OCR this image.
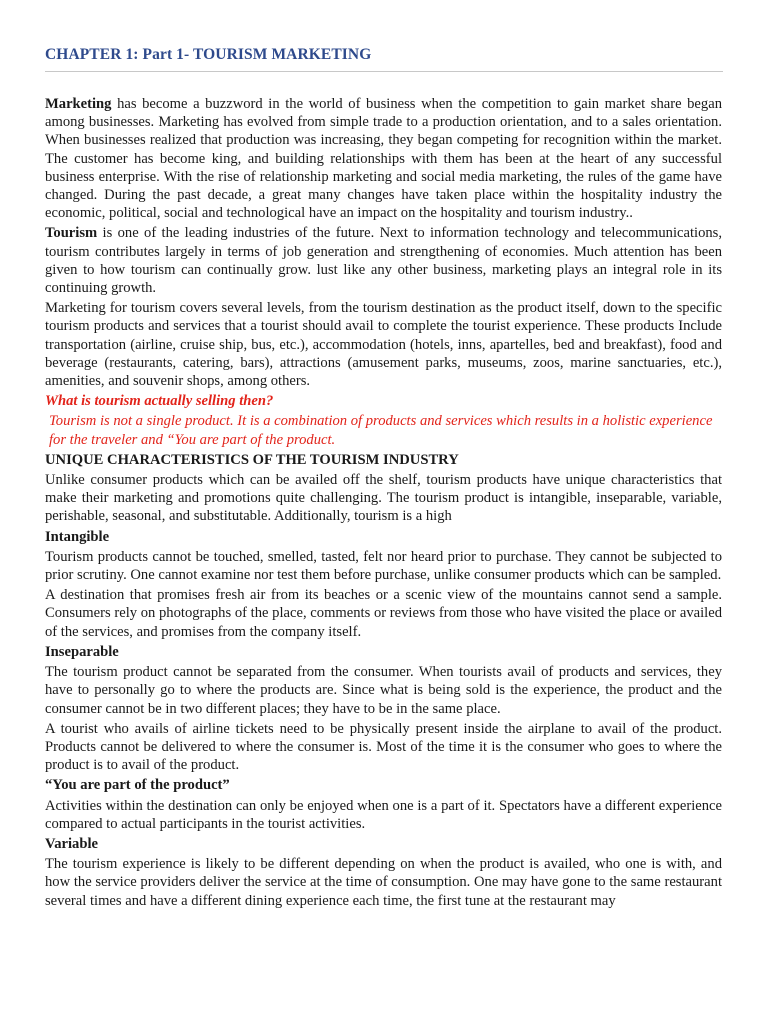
CHAPTER 1: Part 1- TOURISM MARKETING

Marketing has become a buzzword in the world of business when the competition to gain market share began among businesses. Marketing has evolved from simple trade to a production orientation, and to a sales orientation. When businesses realized that production was increasing, they began competing for recognition within the market. The customer has become king, and building relationships with them has been at the heart of any successful business enterprise. With the rise of relationship marketing and social media marketing, the rules of the game have changed. During the past decade, a great many changes have taken place within the hospitality industry the economic, political, social and technological have an impact on the hospitality and tourism industry..

Tourism is one of the leading industries of the future. Next to information technology and telecommunications, tourism contributes largely in terms of job generation and strengthening of economies. Much attention has been given to how tourism can continually grow. lust like any other business, marketing plays an integral role in its continuing growth.

Marketing for tourism covers several levels, from the tourism destination as the product itself, down to the specific tourism products and services that a tourist should avail to complete the tourist experience. These products Include transportation (airline, cruise ship, bus, etc.), accommodation (hotels, inns, apartelles, bed and breakfast), food and beverage (restaurants, catering, bars), attractions (amusement parks, museums, zoos, marine sanctuaries, etc.), amenities, and souvenir shops, among others.

What is tourism actually selling then?

Tourism is not a single product. It is a combination of products and services which results in a holistic experience for the traveler and “You are part of the product.

UNIQUE CHARACTERISTICS OF THE TOURISM INDUSTRY

Unlike consumer products which can be availed off the shelf, tourism products have unique characteristics that make their marketing and promotions quite challenging. The tourism product is intangible, inseparable, variable, perishable, seasonal, and substitutable. Additionally, tourism is a high

Intangible

Tourism products cannot be touched, smelled, tasted, felt nor heard prior to purchase. They cannot be subjected to prior scrutiny. One cannot examine nor test them before purchase, unlike consumer products which can be sampled.

A destination that promises fresh air from its beaches or a scenic view of the mountains cannot send a sample. Consumers rely on photographs of the place, comments or reviews from those who have visited the place or availed of the services, and promises from the company itself.

Inseparable

The tourism product cannot be separated from the consumer. When tourists avail of products and services, they have to personally go to where the products are. Since what is being sold is the experience, the product and the consumer cannot be in two different places; they have to be in the same place.

A tourist who avails of airline tickets need to be physically present inside the airplane to avail of the product. Products cannot be delivered to where the consumer is. Most of the time it is the consumer who goes to where the product is to avail of the product.

“You are part of the product”

Activities within the destination can only be enjoyed when one is a part of it. Spectators have a different experience compared to actual participants in the tourist activities.

Variable

The tourism experience is likely to be different depending on when the product is availed, who one is with, and how the service providers deliver the service at the time of consumption. One may have gone to the same restaurant several times and have a different dining experience each time, the first tune at the restaurant may
